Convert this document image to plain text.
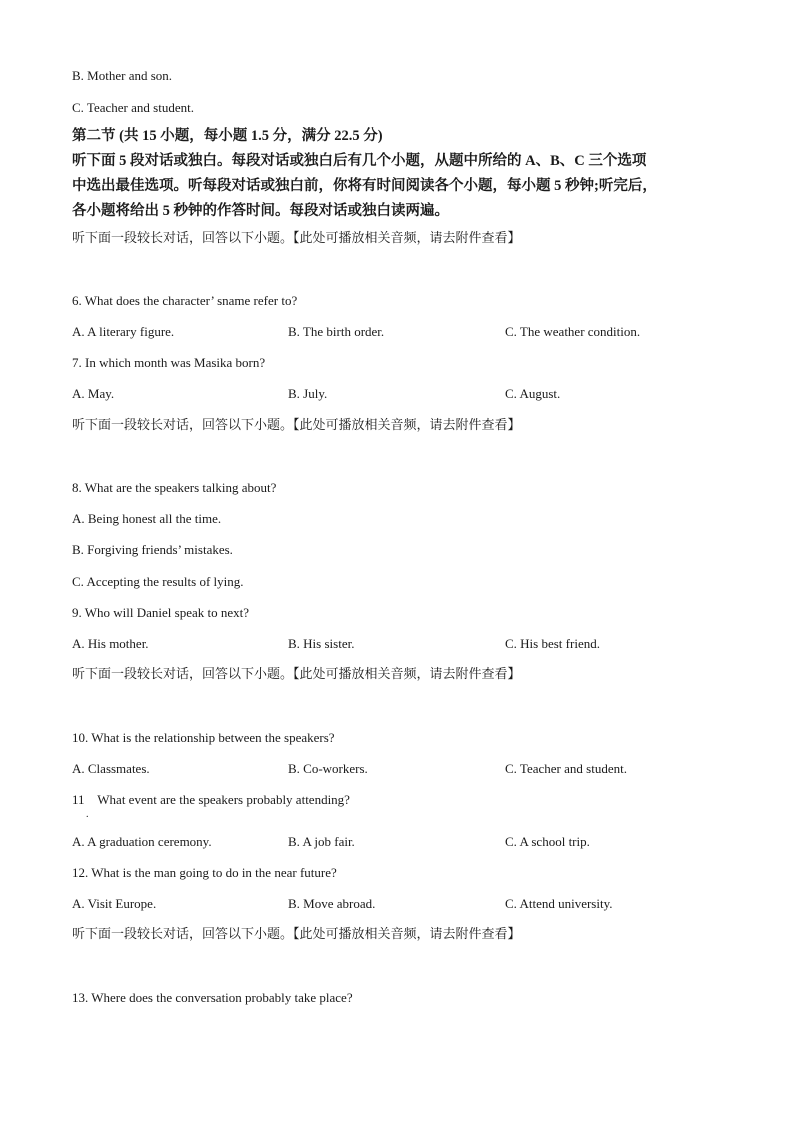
B. Mother and son.
C. Teacher and student.
第二节 (共 15 小题，每小题 1.5 分，满分 22.5 分)
听下面 5 段对话或独白。每段对话或独白后有几个小题，从题中所给的 A、B、C 三个选项
中选出最佳选项。听每段对话或独白前，你将有时间阅读各个小题，每小题 5 秒钟;听完后，
各小题将给出 5 秒钟的作答时间。每段对话或独白读两遍。
听下面一段较长对话，回答以下小题。【此处可播放相关音频，请去附件查看】
6. What does the character’ sname refer to?
A. A literary figure.	B. The birth order.	C. The weather condition.
7. In which month was Masika born?
A. May.	B. July.	C. August.
听下面一段较长对话，回答以下小题。【此处可播放相关音频，请去附件查看】
8. What are the speakers talking about?
A. Being honest all the time.
B. Forgiving friends’ mistakes.
C. Accepting the results of lying.
9. Who will Daniel speak to next?
A. His mother.	B. His sister.	C. His best friend.
听下面一段较长对话，回答以下小题。【此处可播放相关音频，请去附件查看】
10. What is the relationship between the speakers?
A. Classmates.	B. Co-workers.	C. Teacher and student.
11    What event are the speakers probably attending?
.
A. A graduation ceremony.	B. A job fair.	C. A school trip.
12. What is the man going to do in the near future?
A. Visit Europe.	B. Move abroad.	C. Attend university.
听下面一段较长对话，回答以下小题。【此处可播放相关音频，请去附件查看】
13. Where does the conversation probably take place?
